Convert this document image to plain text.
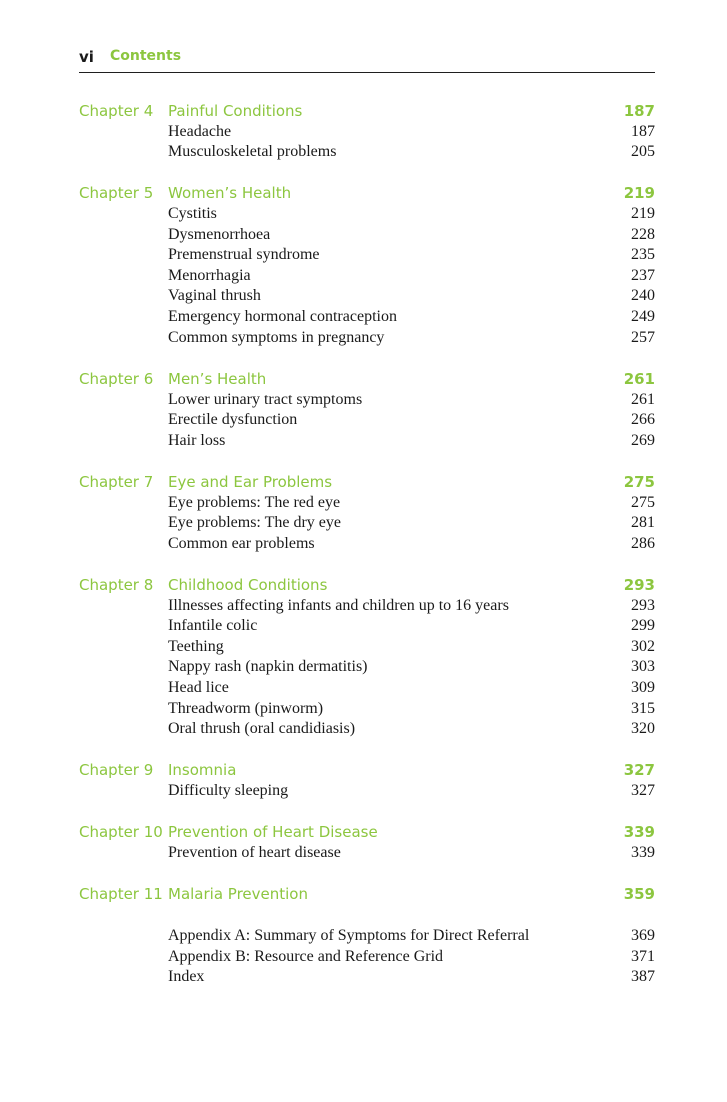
vi Contents
Chapter 4 Painful Conditions	187
Headache	187
Musculoskeletal problems	205
Chapter 5 Women’s Health	219
Cystitis	219
Dysmenorrhoea	228
Premenstrual syndrome	235
Menorrhagia	237
Vaginal thrush	240
Emergency hormonal contraception	249
Common symptoms in pregnancy	257
Chapter 6 Men’s Health	261
Lower urinary tract symptoms	261
Erectile dysfunction	266
Hair loss	269
Chapter 7 Eye and Ear Problems	275
Eye problems: The red eye	275
Eye problems: The dry eye	281
Common ear problems	286
Chapter 8 Childhood Conditions	293
Illnesses affecting infants and children up to 16 years	293
Infantile colic	299
Teething	302
Nappy rash (napkin dermatitis)	303
Head lice	309
Threadworm (pinworm)	315
Oral thrush (oral candidiasis)	320
Chapter 9 Insomnia	327
Difficulty sleeping	327
Chapter 10 Prevention of Heart Disease	339
Prevention of heart disease	339
Chapter 11 Malaria Prevention	359
Appendix A: Summary of Symptoms for Direct Referral	369
Appendix B: Resource and Reference Grid	371
Index	387
